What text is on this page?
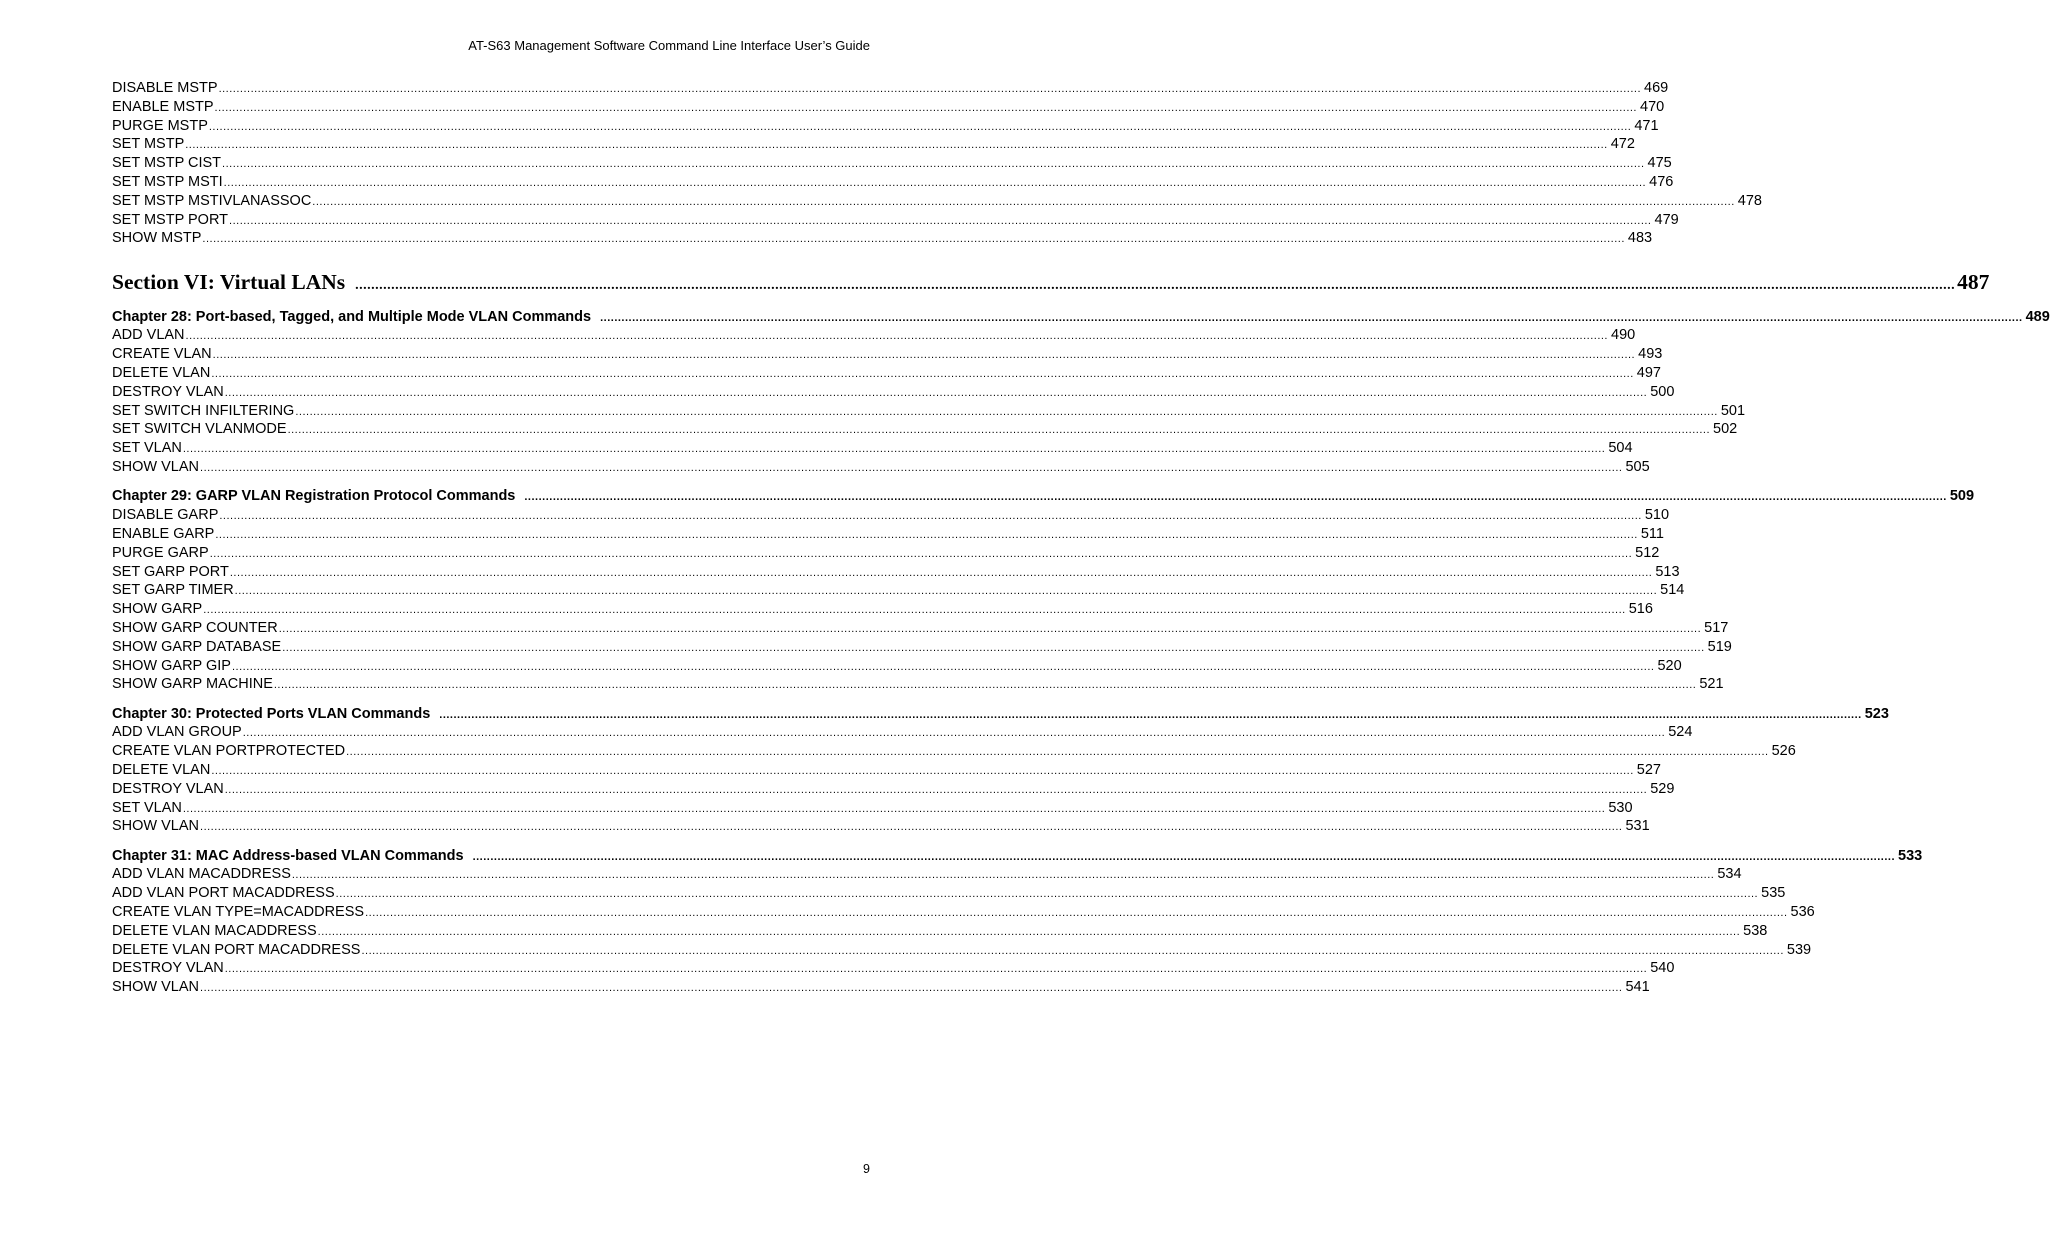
AT-S63 Management Software Command Line Interface User’s Guide
DISABLE MSTP ................................................................................................................................................................................................................................................................................................................................................................................................................ 469
ENABLE MSTP ................................................................................................................................................................................................................................................................................................................................................................................................................ 470
PURGE MSTP ................................................................................................................................................................................................................................................................................................................................................................................................................ 471
SET MSTP ................................................................................................................................................................................................................................................................................................................................................................................................................ 472
SET MSTP CIST ................................................................................................................................................................................................................................................................................................................................................................................................................ 475
SET MSTP MSTI ................................................................................................................................................................................................................................................................................................................................................................................................................ 476
SET MSTP MSTIVLANASSOC ................................................................................................................................................................................................................................................................................................................................................................................................................ 478
SET MSTP PORT ................................................................................................................................................................................................................................................................................................................................................................................................................ 479
SHOW MSTP ................................................................................................................................................................................................................................................................................................................................................................................................................ 483
Section VI: Virtual LANs ................................................................................................................................................................................................................................................................................................................................................................................................................ 487
Chapter 28: Port-based, Tagged, and Multiple Mode VLAN Commands ................................................................................................................................................................................................................................................................................................................................................................................................................ 489
ADD VLAN ................................................................................................................................................................................................................................................................................................................................................................................................................ 490
CREATE VLAN ................................................................................................................................................................................................................................................................................................................................................................................................................ 493
DELETE VLAN ................................................................................................................................................................................................................................................................................................................................................................................................................ 497
DESTROY VLAN ................................................................................................................................................................................................................................................................................................................................................................................................................ 500
SET SWITCH INFILTERING ................................................................................................................................................................................................................................................................................................................................................................................................................ 501
SET SWITCH VLANMODE ................................................................................................................................................................................................................................................................................................................................................................................................................ 502
SET VLAN ................................................................................................................................................................................................................................................................................................................................................................................................................ 504
SHOW VLAN ................................................................................................................................................................................................................................................................................................................................................................................................................ 505
Chapter 29: GARP VLAN Registration Protocol Commands ................................................................................................................................................................................................................................................................................................................................................................................................................ 509
DISABLE GARP ................................................................................................................................................................................................................................................................................................................................................................................................................ 510
ENABLE GARP ................................................................................................................................................................................................................................................................................................................................................................................................................ 511
PURGE GARP ................................................................................................................................................................................................................................................................................................................................................................................................................ 512
SET GARP PORT ................................................................................................................................................................................................................................................................................................................................................................................................................ 513
SET GARP TIMER ................................................................................................................................................................................................................................................................................................................................................................................................................ 514
SHOW GARP ................................................................................................................................................................................................................................................................................................................................................................................................................ 516
SHOW GARP COUNTER ................................................................................................................................................................................................................................................................................................................................................................................................................ 517
SHOW GARP DATABASE ................................................................................................................................................................................................................................................................................................................................................................................................................ 519
SHOW GARP GIP ................................................................................................................................................................................................................................................................................................................................................................................................................ 520
SHOW GARP MACHINE ................................................................................................................................................................................................................................................................................................................................................................................................................ 521
Chapter 30: Protected Ports VLAN Commands ................................................................................................................................................................................................................................................................................................................................................................................................................ 523
ADD VLAN GROUP ................................................................................................................................................................................................................................................................................................................................................................................................................ 524
CREATE VLAN PORTPROTECTED ................................................................................................................................................................................................................................................................................................................................................................................................................ 526
DELETE VLAN ................................................................................................................................................................................................................................................................................................................................................................................................................ 527
DESTROY VLAN ................................................................................................................................................................................................................................................................................................................................................................................................................ 529
SET VLAN ................................................................................................................................................................................................................................................................................................................................................................................................................ 530
SHOW VLAN ................................................................................................................................................................................................................................................................................................................................................................................................................ 531
Chapter 31: MAC Address-based VLAN Commands ................................................................................................................................................................................................................................................................................................................................................................................................................ 533
ADD VLAN MACADDRESS ................................................................................................................................................................................................................................................................................................................................................................................................................ 534
ADD VLAN PORT MACADDRESS ................................................................................................................................................................................................................................................................................................................................................................................................................ 535
CREATE VLAN TYPE=MACADDRESS ................................................................................................................................................................................................................................................................................................................................................................................................................ 536
DELETE VLAN MACADDRESS ................................................................................................................................................................................................................................................................................................................................................................................................................ 538
DELETE VLAN PORT MACADDRESS ................................................................................................................................................................................................................................................................................................................................................................................................................ 539
DESTROY VLAN ................................................................................................................................................................................................................................................................................................................................................................................................................ 540
SHOW VLAN ................................................................................................................................................................................................................................................................................................................................................................................................................ 541
9
